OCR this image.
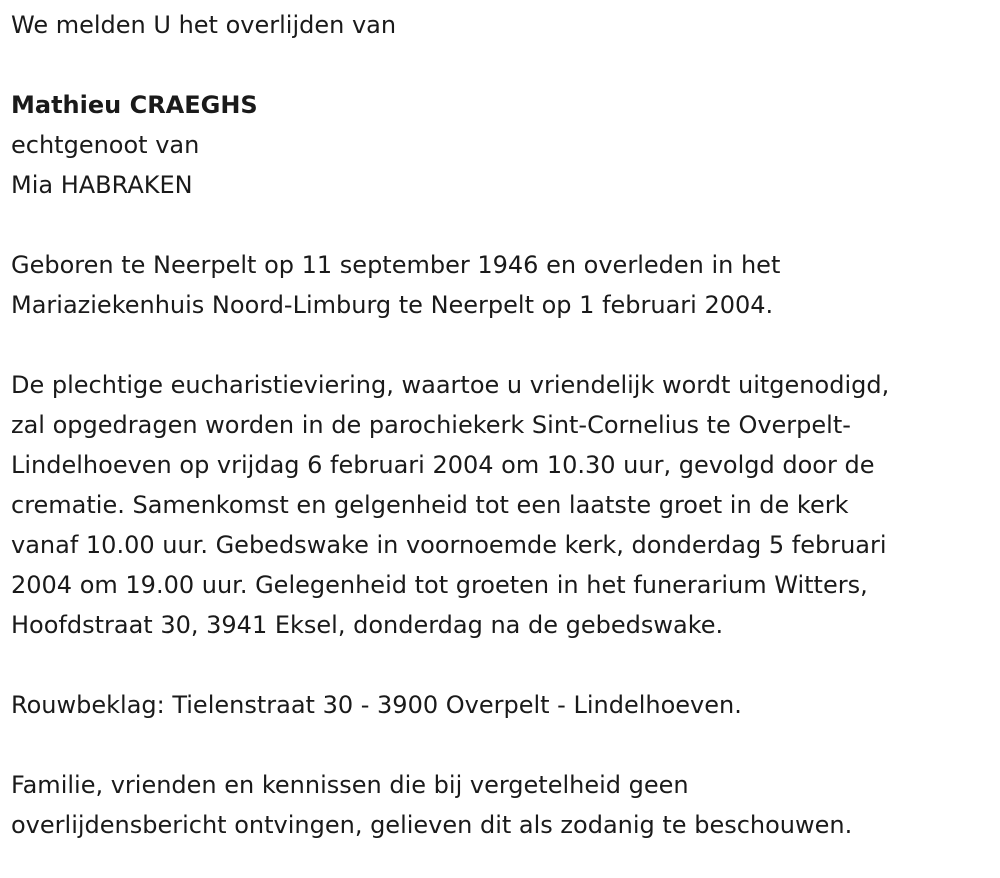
We melden U het overlijden van

Mathieu CRAEGHS

echtgenoot van

Mia HABRAKEN

Geboren te Neerpelt op 11 september 1946 en overleden in het

Mariaziekenhuis Noord-Limburg te Neerpelt op 1 februari 2004.

De plechtige eucharistieviering, waartoe u vriendelijk wordt uitgenodigd,

zal opgedragen worden in de parochiekerk Sint-Cornelius te Overpelt-

Lindelhoeven op vrijdag 6 februari 2004 om 10.30 uur, gevolgd door de

crematie. Samenkomst en gelgenheid tot een laatste groet in de kerk

vanaf 10.00 uur. Gebedswake in voornoemde kerk, donderdag 5 februari

2004 om 19.00 uur. Gelegenheid tot groeten in het funerarium Witters,

Hoofdstraat 30, 3941 Eksel, donderdag na de gebedswake.

Rouwbeklag: Tielenstraat 30 - 3900 Overpelt - Lindelhoeven.

Familie, vrienden en kennissen die bij vergetelheid geen

overlijdensbericht ontvingen, gelieven dit als zodanig te beschouwen.
